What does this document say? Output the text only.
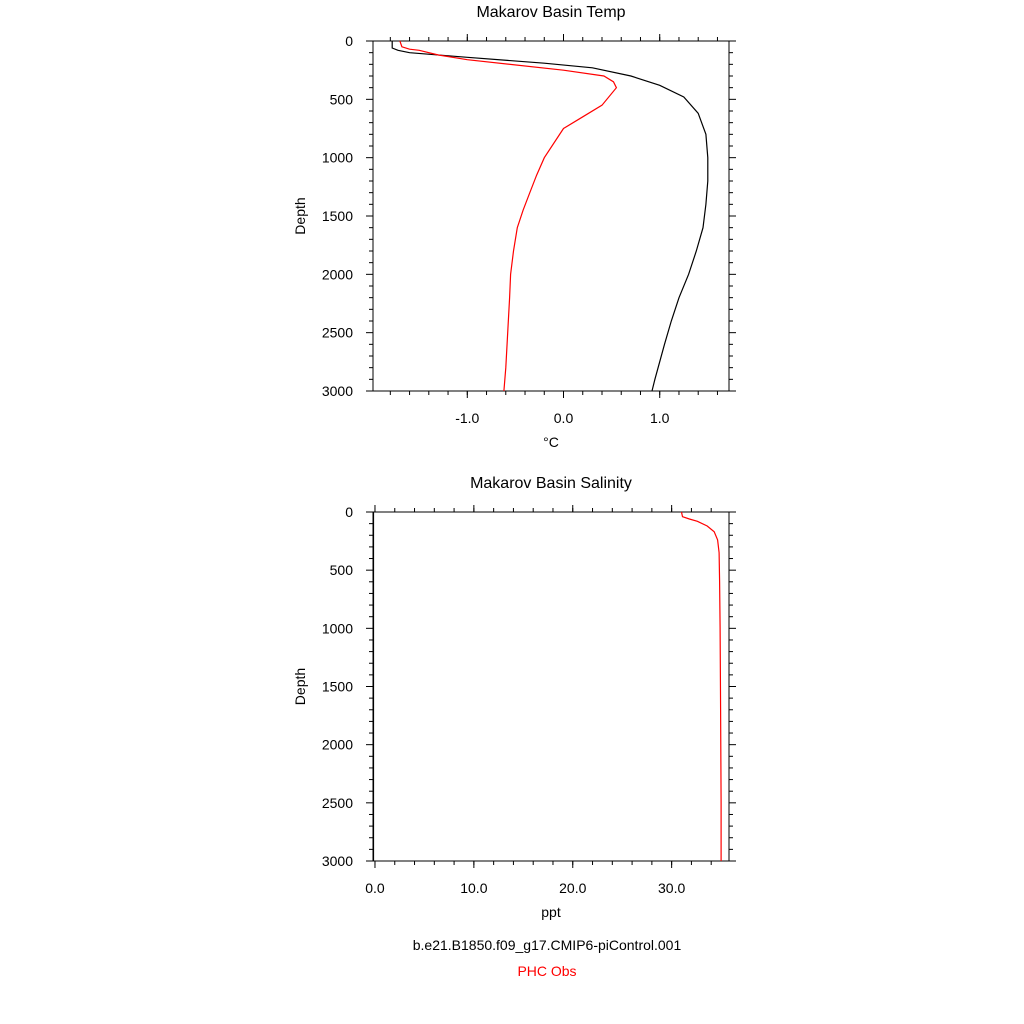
Makarov Basin Temp
0
500
1000
1500
2000
2500
3000
-1.0	0.0	1.0
°C
Depth
Makarov Basin Salinity
0
500
1000
1500
2000
2500
3000
0.0	10.0	20.0	30.0
ppt
Depth
b.e21.B1850.f09_g17.CMIP6-piControl.001
PHC Obs
